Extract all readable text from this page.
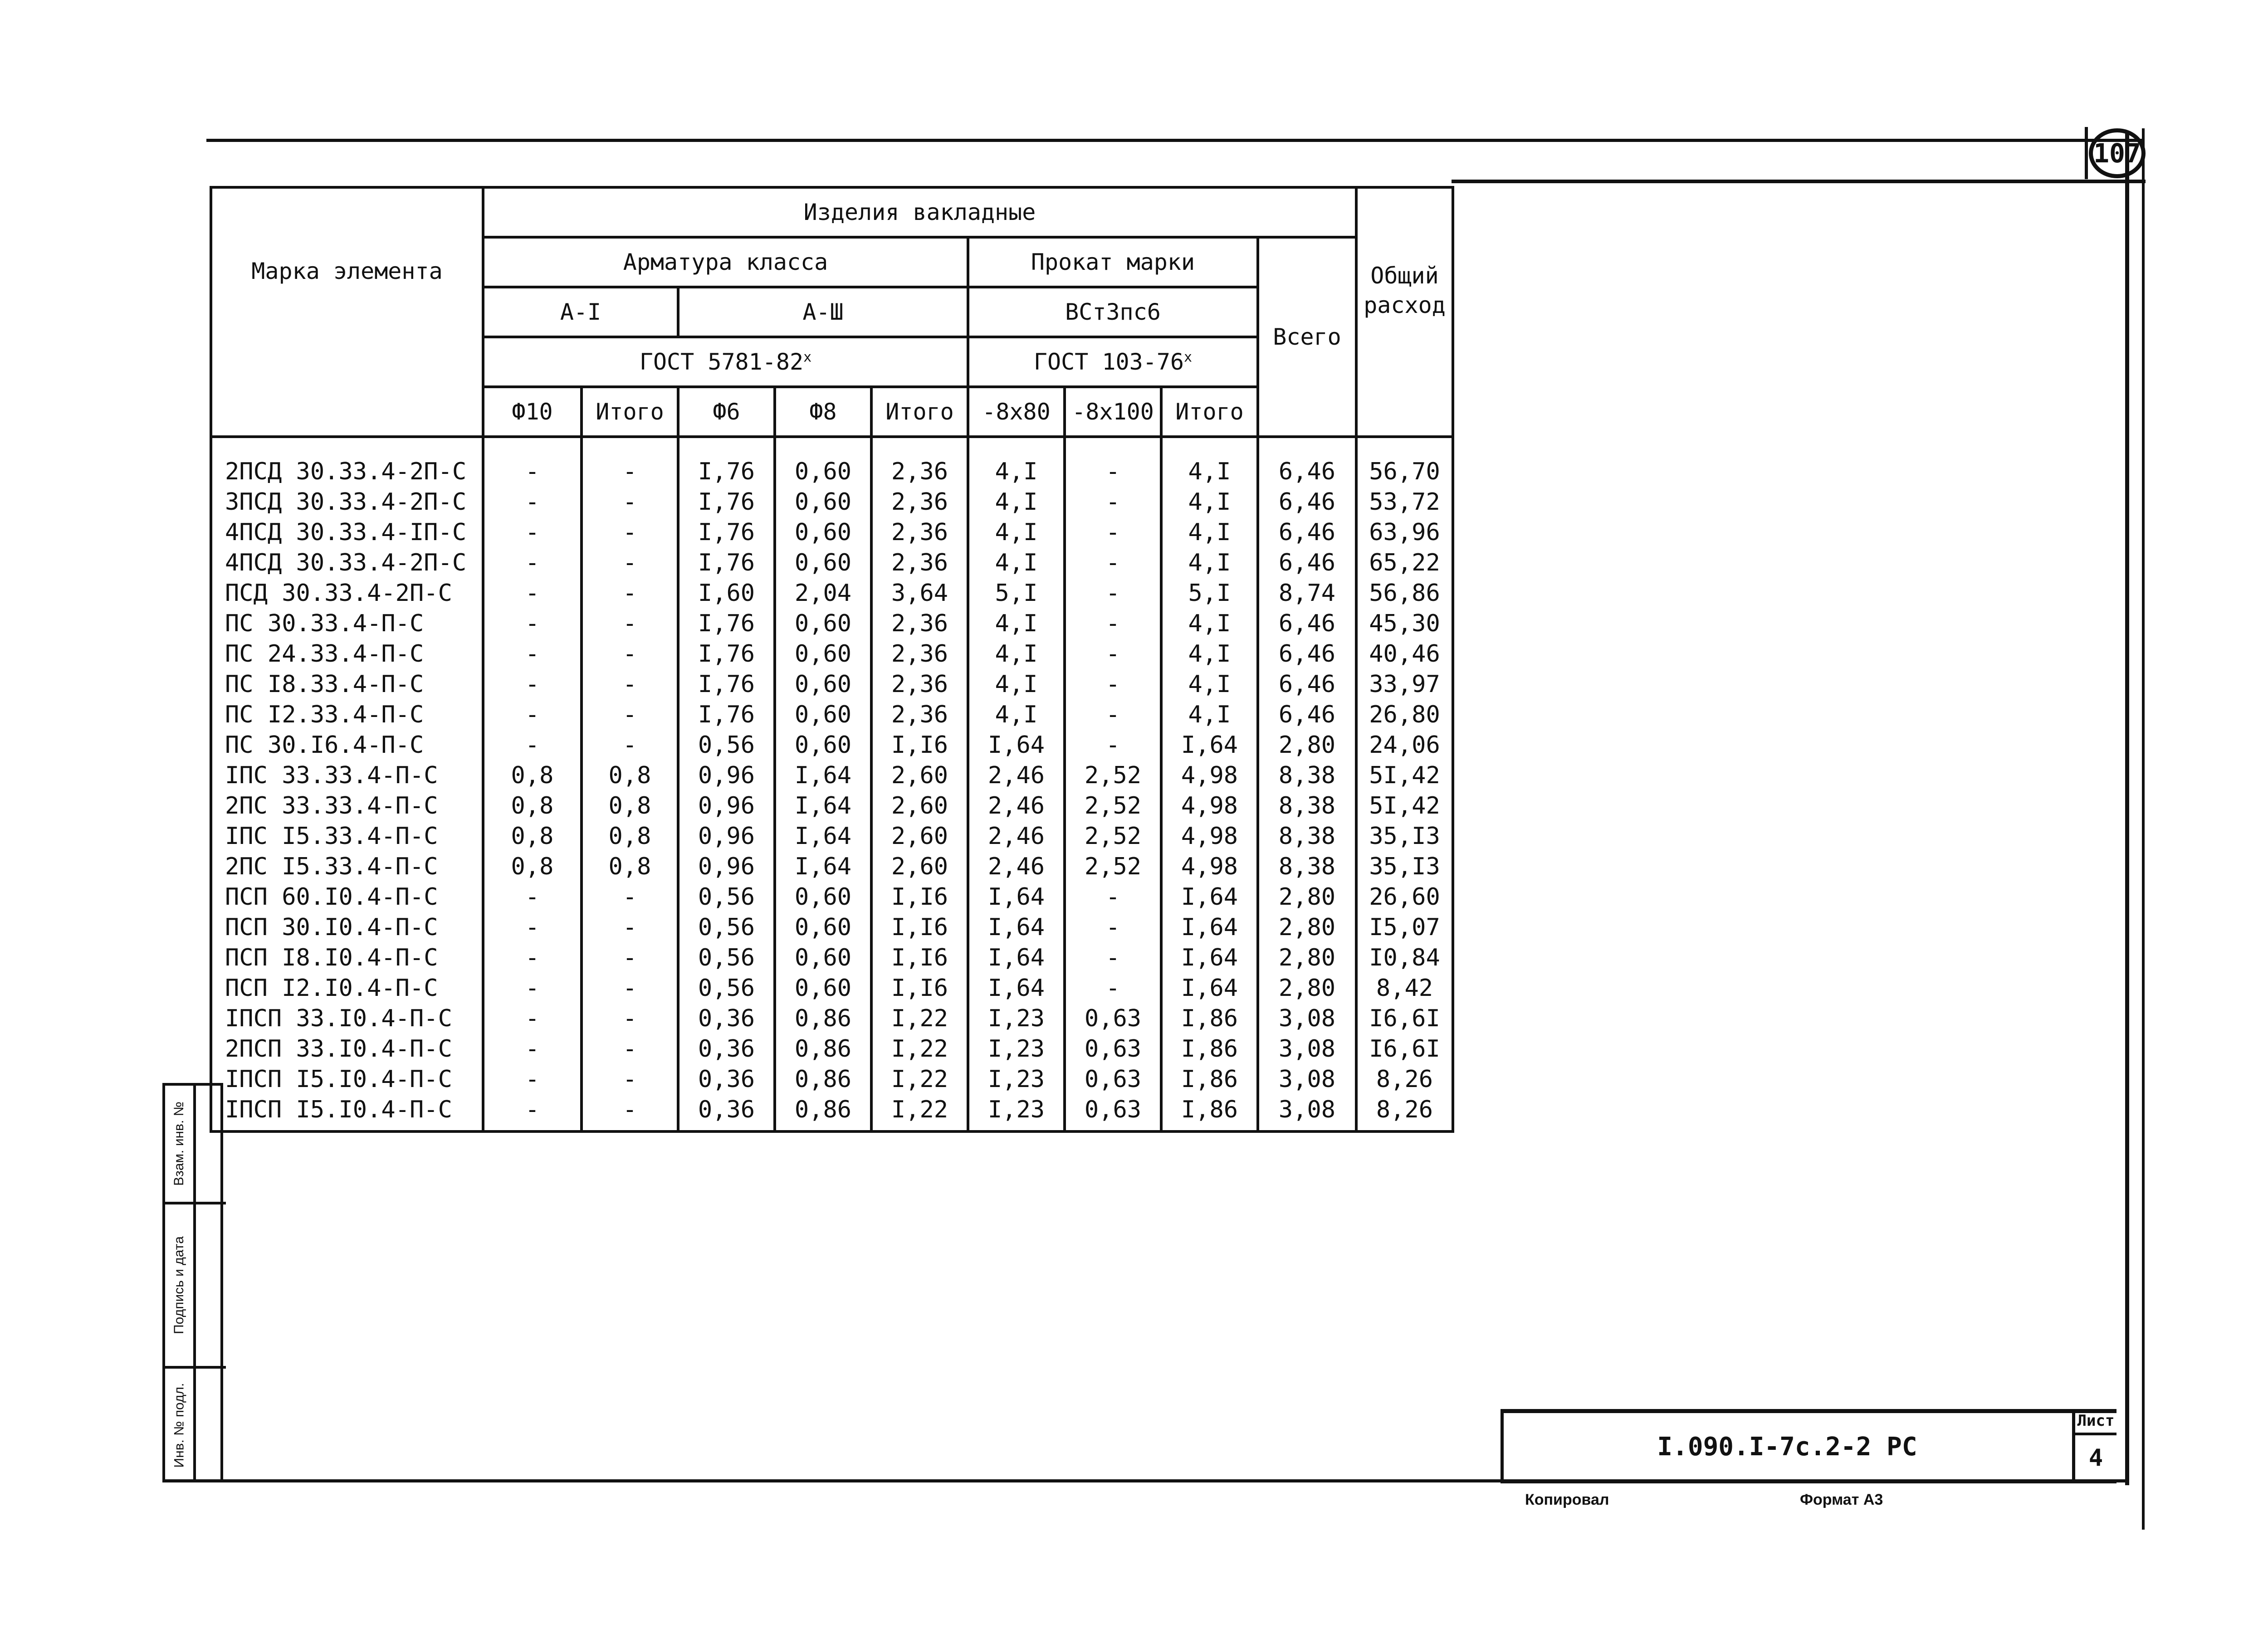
107
Марка элемента	Изделия вакладные									Общий расход
	Арматура класса					Прокат марки			Всего	
	А-I		А-Ш			ВСтЗпс6				
	ГОСТ $5781-82^х$					ГОСТ $103-76^х$
	Ф10	Итого	Ф6	Ф8	Итого	-8х80	-8х100	Итого		
2ПСД 30.33.4-2П-С	-	-	I,76	0,60	2,36	4,I	-	4,I	6,46	56,70
3ПСД 30.33.4-2П-С	-	-	I,76	0,60	2,36	4,I	-	4,I	6,46	53,72
4ПСД 30.33.4-IП-С	-	-	I,76	0,60	2,36	4,I	-	4,I	6,46	63,96
4ПСД 30.33.4-2П-С	-	-	I,76	0,60	2,36	4,I	-	4,I	6,46	65,22
ПСД 30.33.4-2П-С	-	-	I,60	2,04	3,64	5,I	-	5,I	8,74	56,86
ПС 30.33.4-П-С	-	-	I,76	0,60	2,36	4,I	-	4,I	6,46	45,30
ПС 24.33.4-П-С	-	-	I,76	0,60	2,36	4,I	-	4,I	6,46	40,46
ПС I8.33.4-П-С	-	-	I,76	0,60	2,36	4,I	-	4,I	6,46	33,97
ПС I2.33.4-П-С	-	-	I,76	0,60	2,36	4,I	-	4,I	6,46	26,80
ПС 30.I6.4-П-С	-	-	0,56	0,60	I,I6	I,64	-	I,64	2,80	24,06
IПС 33.33.4-П-С	0,8	0,8	0,96	I,64	2,60	2,46	2,52	4,98	8,38	5I,42
2ПС 33.33.4-П-С	0,8	0,8	0,96	I,64	2,60	2,46	2,52	4,98	8,38	5I,42
IПС I5.33.4-П-С	0,8	0,8	0,96	I,64	2,60	2,46	2,52	4,98	8,38	35,I3
2ПС I5.33.4-П-С	0,8	0,8	0,96	I,64	2,60	2,46	2,52	4,98	8,38	35,I3
ПСП 60.I0.4-П-С	-	-	0,56	0,60	I,I6	I,64	-	I,64	2,80	26,60
ПСП 30.I0.4-П-С	-	-	0,56	0,60	I,I6	I,64	-	I,64	2,80	I5,07
ПСП I8.I0.4-П-С	-	-	0,56	0,60	I,I6	I,64	-	I,64	2,80	I0,84
ПСП I2.I0.4-П-С	-	-	0,56	0,60	I,I6	I,64	-	I,64	2,80	8,42
IПСП 33.I0.4-П-С	-	-	0,36	0,86	I,22	I,23	0,63	I,86	3,08	I6,6I
2ПСП 33.I0.4-П-С	-	-	0,36	0,86	I,22	I,23	0,63	I,86	3,08	I6,6I
IПСП I5.I0.4-П-С	-	-	0,36	0,86	I,22	I,23	0,63	I,86	3,08	8,26
IПСП I5.I0.4-П-С	-	-	0,36	0,86	I,22	I,23	0,63	I,86	3,08	8,26
I.090.I-7с.2-2 РС
Лист
4
Копировал	Формат А3
Взам. инв. №
Подпись и дата
Инв. № подл.
